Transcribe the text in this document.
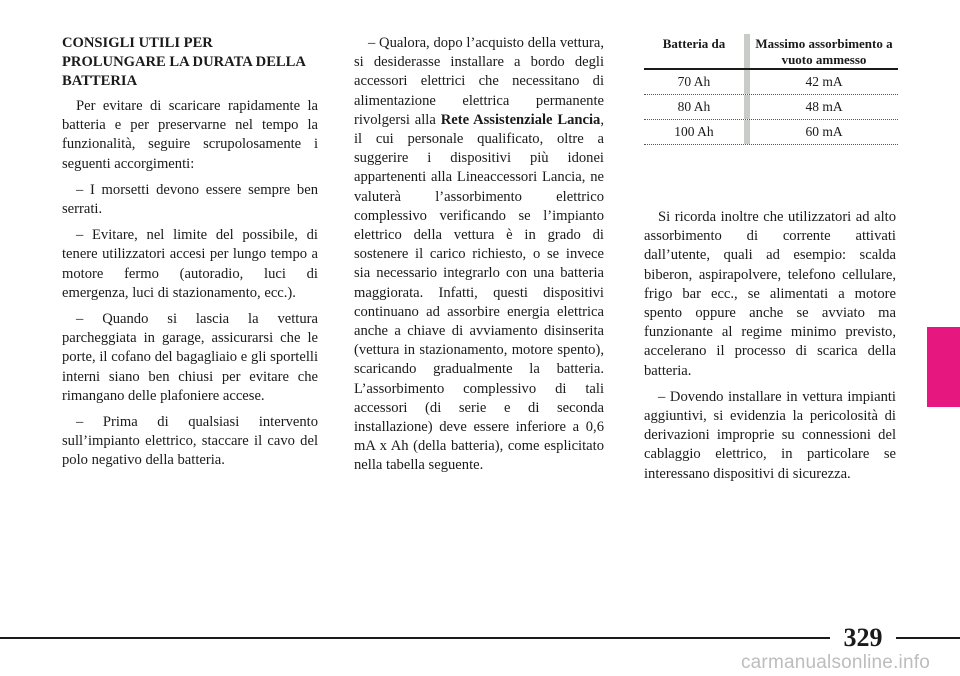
CONSIGLI UTILI PER PROLUNGARE LA DURATA DELLA BATTERIA

Per evitare di scaricare rapidamente la batteria e per preservarne nel tempo la funzionalità, seguire scrupolosamente i seguenti accorgimenti:

– I morsetti devono essere sempre ben serrati.

– Evitare, nel limite del possibile, di tenere utilizzatori accesi per lungo tempo a motore fermo (autoradio, luci di emergenza, luci di stazionamento, ecc.).

– Quando si lascia la vettura parcheggiata in garage, assicurarsi che le porte, il cofano del bagagliaio e gli sportelli interni siano ben chiusi per evitare che rimangano delle plafoniere accese.

– Prima di qualsiasi intervento sull’impianto elettrico, staccare il cavo del polo negativo della batteria.

– Qualora, dopo l’acquisto della vettura, si desiderasse installare a bordo degli accessori elettrici che necessitano di alimentazione elettrica permanente rivolgersi alla Rete Assistenziale Lancia, il cui personale qualificato, oltre a suggerire i dispositivi più idonei appartenenti alla Lineaccessori Lancia, ne valuterà l’assorbimento elettrico complessivo verificando se l’impianto elettrico della vettura è in grado di sostenere il carico richiesto, o se invece sia necessario integrarlo con una batteria maggiorata. Infatti, questi dispositivi continuano ad assorbire energia elettrica anche a chiave di avviamento disinserita (vettura in stazionamento, motore spento), scaricando gradualmente la batteria. L’assorbimento complessivo di tali accessori (di serie e di seconda installazione) deve essere inferiore a 0,6 mA x Ah (della batteria), come esplicitato nella tabella seguente.

Batteria da	Massimo assorbimento a vuoto ammesso
70 Ah	42 mA
80 Ah	48 mA
100 Ah	60 mA

Si ricorda inoltre che utilizzatori ad alto assorbimento di corrente attivati dall’utente, quali ad esempio: scalda biberon, aspirapolvere, telefono cellulare, frigo bar ecc., se alimentati a motore spento oppure anche se avviato ma funzionante al regime minimo previsto, accelerano il processo di scarica della batteria.

– Dovendo installare in vettura impianti aggiuntivi, si evidenzia la pericolosità di derivazioni improprie su connessioni del cablaggio elettrico, in particolare se interessano dispositivi di sicurezza.

329
carmanualsonline.info
